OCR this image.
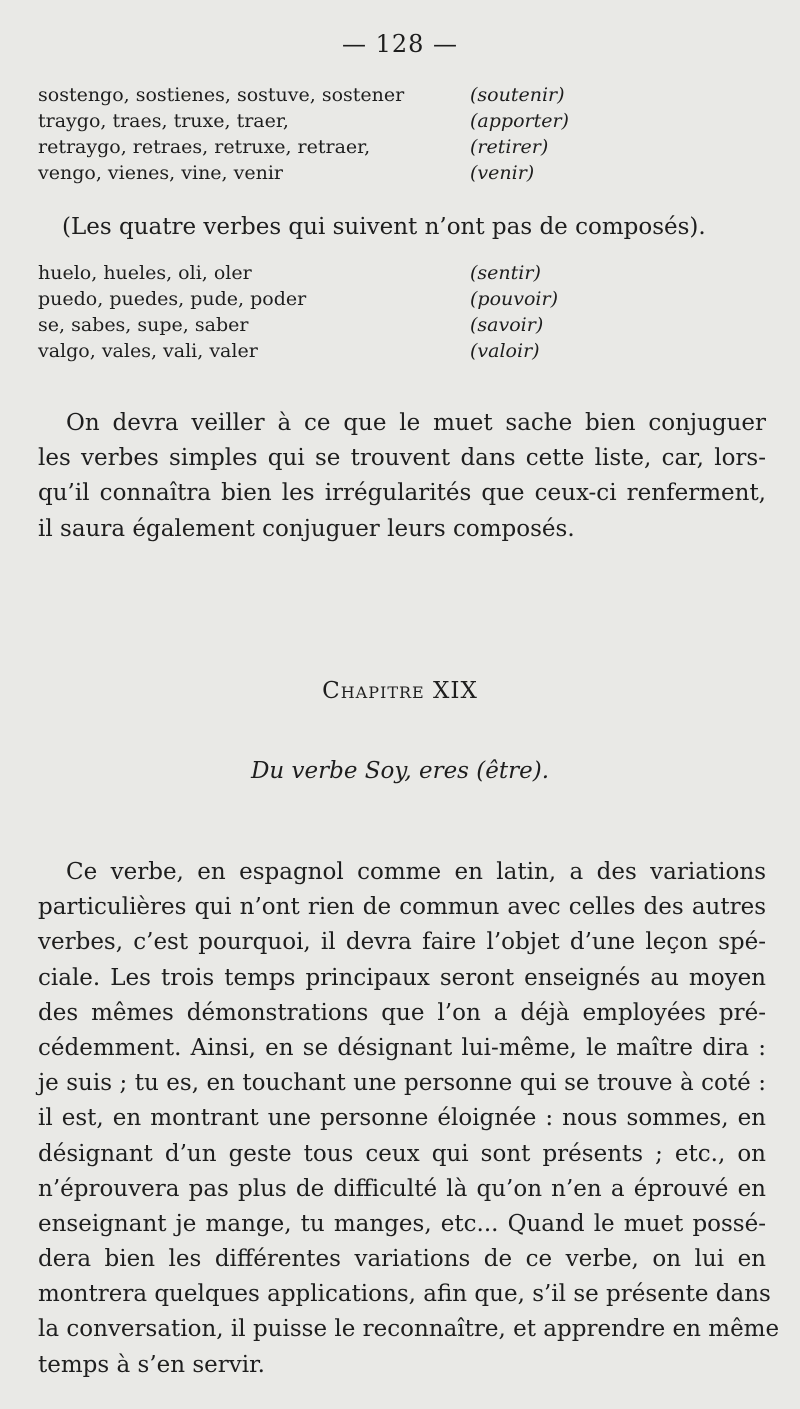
— 128 —
sostengo, sostienes, sostuve, sostener	(soutenir)
traygo, traes, truxe, traer,	(apporter)
retraygo, retraes, retruxe, retraer,	(retirer)
vengo, vienes, vine, venir	(venir)
(Les quatre verbes qui suivent n’ont pas de composés).
huelo, hueles, oli, oler	(sentir)
puedo, puedes, pude, poder	(pouvoir)
se, sabes, supe, saber	(savoir)
valgo, vales, vali, valer	(valoir)
On devra veiller à ce que le muet sache bien conjuguer
les verbes simples qui se trouvent dans cette liste, car, lors-
qu’il connaîtra bien les irrégularités que ceux-ci renferment,
il saura également conjuguer leurs composés.
Chapitre XIX
Du verbe Soy, eres (être).
Ce verbe, en espagnol comme en latin, a des variations
particulières qui n’ont rien de commun avec celles des autres
verbes, c’est pourquoi, il devra faire l’objet d’une leçon spé-
ciale. Les trois temps principaux seront enseignés au moyen
des mêmes démonstrations que l’on a déjà employées pré-
cédemment. Ainsi, en se désignant lui-même, le maître dira :
je suis ; tu es, en touchant une personne qui se trouve à coté :
il est, en montrant une personne éloignée : nous sommes, en
désignant d’un geste tous ceux qui sont présents ; etc., on
n’éprouvera pas plus de difficulté là qu’on n’en a éprouvé en
enseignant je mange, tu manges, etc... Quand le muet possé-
dera bien les différentes variations de ce verbe, on lui en
montrera quelques applications, afin que, s’il se présente dans
la conversation, il puisse le reconnaître, et apprendre en même
temps à s’en servir.
